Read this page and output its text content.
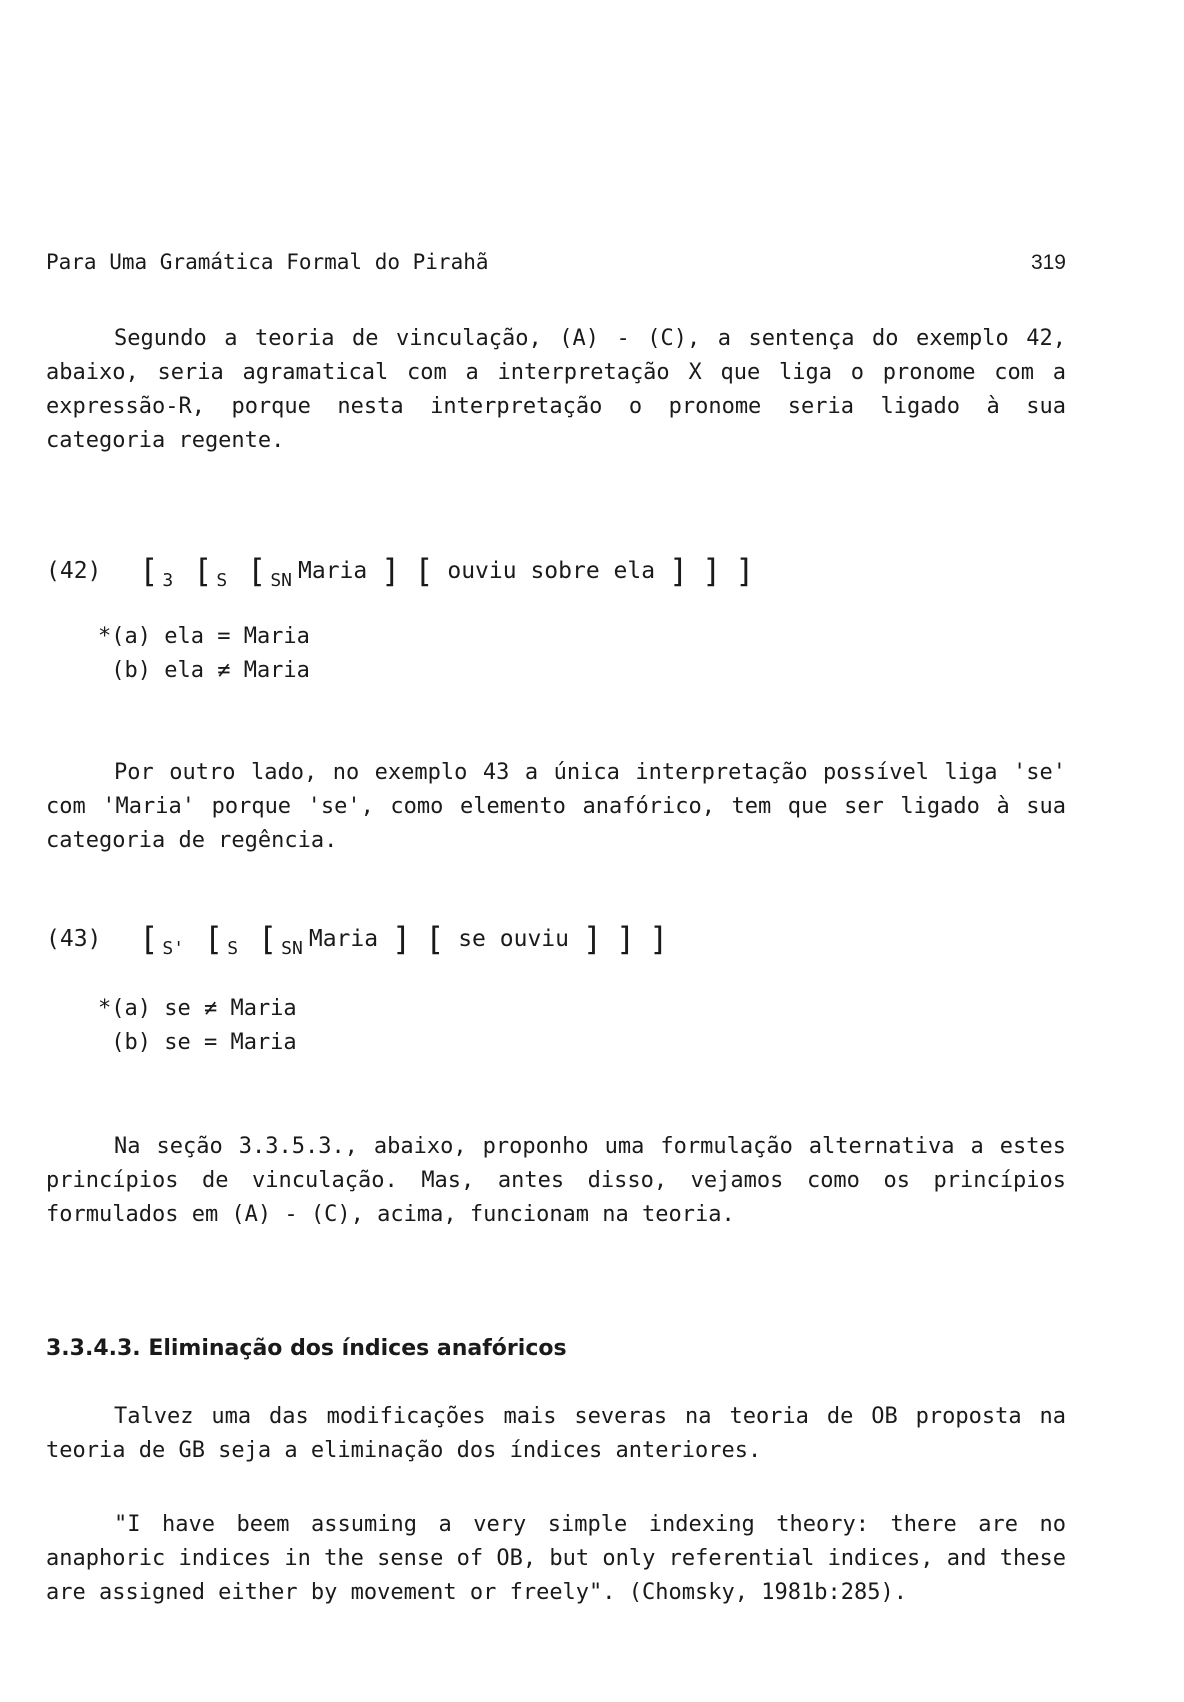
Para Uma Gramática Formal do Pirahã	319

Segundo a teoria de vinculação, (A) - (C), a sentença do exemplo 42, abaixo, seria agramatical com a interpretação X que liga o pronome com a expressão-R, porque nesta interpretação o pronome seria ligado à sua categoria regente.

(42) [ $_3$ [ $_S$ [ $_{SN}$ Maria ] [ ouviu sobre ela ] ] ]
*(a) ela = Maria
(b) ela ≠ Maria

Por outro lado, no exemplo 43 a única interpretação possível liga 'se' com 'Maria' porque 'se', como elemento anafórico, tem que ser ligado à sua categoria de regência.

(43) [ $_{S'}$ [ $_S$ [ $_{SN}$ Maria ] [ se ouviu ] ] ]
*(a) se ≠ Maria
(b) se = Maria

Na seção 3.3.5.3., abaixo, proponho uma formulação alternativa a estes princípios de vinculação. Mas, antes disso, vejamos como os princípios formulados em (A) - (C), acima, funcionam na teoria.

3.3.4.3. Eliminação dos índices anafóricos

Talvez uma das modificações mais severas na teoria de OB proposta na teoria de GB seja a eliminação dos índices anteriores.

"I have beem assuming a very simple indexing theory: there are no anaphoric indices in the sense of OB, but only referential indices, and these are assigned either by movement or freely". (Chomsky, 1981b:285).
